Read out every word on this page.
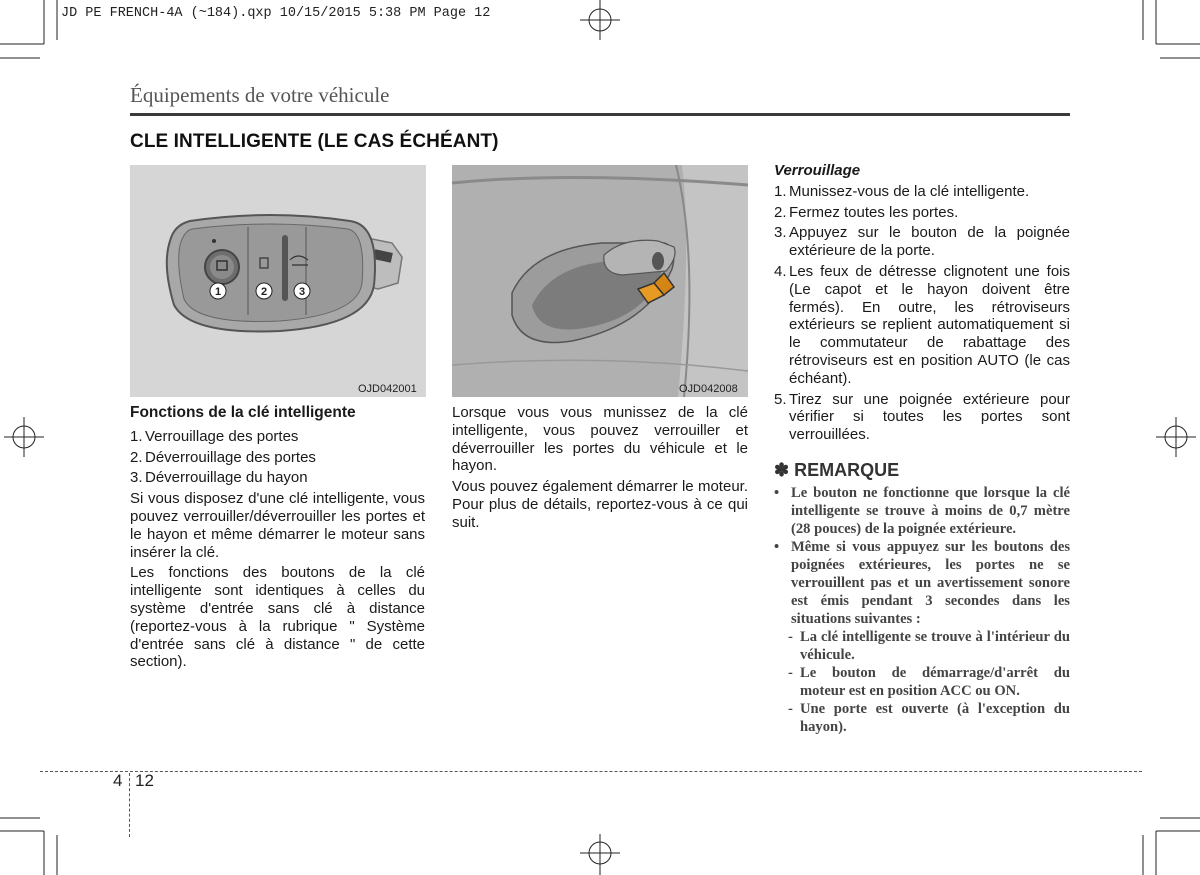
JD PE FRENCH-4A (~184).qxp 10/15/2015 5:38 PM Page 12
Équipements de votre véhicule
CLE INTELLIGENTE (LE CAS ÉCHÉANT)
1	2	3
OJD042001	OJD042008
Fonctions de la clé intelligente
1. Verrouillage des portes
2. Déverrouillage des portes
3. Déverrouillage du hayon

Si vous disposez d'une clé intelligente, vous pouvez verrouiller/déverrouiller les portes et le hayon et même démarrer le moteur sans insérer la clé.

Les fonctions des boutons de la clé intelligente sont identiques à celles du système d'entrée sans clé à distance (reportez-vous à la rubrique " Système d'entrée sans clé à distance " de cette section).

Lorsque vous vous munissez de la clé intelligente, vous pouvez verrouiller et déverrouiller les portes du véhicule et le hayon.

Vous pouvez également démarrer le moteur. Pour plus de détails, reportez-vous à ce qui suit.

Verrouillage
1. Munissez-vous de la clé intelligente.
2. Fermez toutes les portes.
3. Appuyez sur le bouton de la poignée extérieure de la porte.
4. Les feux de détresse clignotent une fois (Le capot et le hayon doivent être fermés). En outre, les rétroviseurs extérieurs se replient automatiquement si le commutateur de rabattage des rétroviseurs est en position AUTO (le cas échéant).
5. Tirez sur une poignée extérieure pour vérifier si toutes les portes sont verrouillées.
✽ REMARQUE
• Le bouton ne fonctionne que lorsque la clé intelligente se trouve à moins de 0,7 mètre (28 pouces) de la poignée extérieure.
• Même si vous appuyez sur les boutons des poignées extérieures, les portes ne se verrouillent pas et un avertissement sonore est émis pendant 3 secondes dans les situations suivantes :
- La clé intelligente se trouve à l'intérieur du véhicule.
- Le bouton de démarrage/d'arrêt du moteur est en position ACC ou ON.
- Une porte est ouverte (à l'exception du hayon).
4 12
